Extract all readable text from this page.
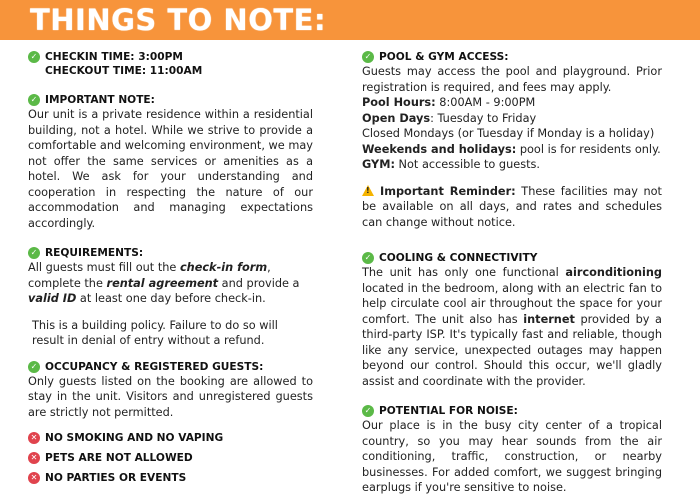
THINGS TO NOTE:
✓ CHECKIN TIME: 3:00PM
CHECKOUT TIME: 11:00AM
✓ IMPORTANT NOTE:
Our unit is a private residence within a residential building, not a hotel. While we strive to provide a comfortable and welcoming environment, we may not offer the same services or amenities as a hotel. We ask for your understanding and cooperation in respecting the nature of our accommodation and managing expectations accordingly.
✓ REQUIREMENTS:
All guests must fill out the check-in form, complete the rental agreement and provide a valid ID at least one day before check-in.
This is a building policy. Failure to do so will result in denial of entry without a refund.
✓ OCCUPANCY & REGISTERED GUESTS:
Only guests listed on the booking are allowed to stay in the unit. Visitors and unregistered guests are strictly not permitted.
✕ NO SMOKING AND NO VAPING
✕ PETS ARE NOT ALLOWED
✕ NO PARTIES OR EVENTS
✓ POOL & GYM ACCESS:
Guests may access the pool and playground. Prior registration is required, and fees may apply.
Pool Hours: 8:00AM - 9:00PM
Open Days: Tuesday to Friday
Closed Mondays (or Tuesday if Monday is a holiday)
Weekends and holidays: pool is for residents only.
GYM: Not accessible to guests.
!Important Reminder: These facilities may not be available on all days, and rates and schedules can change without notice.
✓ COOLING & CONNECTIVITY
The unit has only one functional airconditioning located in the bedroom, along with an electric fan to help circulate cool air throughout the space for your comfort. The unit also has internet provided by a third-party ISP. It's typically fast and reliable, though like any service, unexpected outages may happen beyond our control. Should this occur, we'll gladly assist and coordinate with the provider.
✓ POTENTIAL FOR NOISE:
Our place is in the busy city center of a tropical country, so you may hear sounds from the air conditioning, traffic, construction, or nearby businesses. For added comfort, we suggest bringing earplugs if you're sensitive to noise.
